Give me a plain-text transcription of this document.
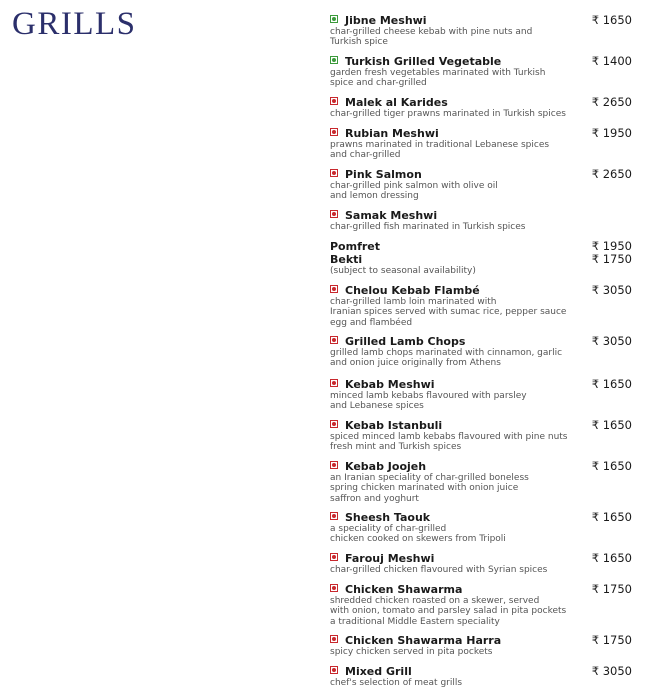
GRILLS	Jibne Meshwi	₹ 1650
char-grilled cheese kebab with pine nuts and
Turkish spice
Turkish Grilled Vegetable	₹ 1400
garden fresh vegetables marinated with Turkish
spice and char-grilled
Malek al Karides	₹ 2650
char-grilled tiger prawns marinated in Turkish spices
Rubian Meshwi	₹ 1950
prawns marinated in traditional Lebanese spices
and char-grilled
Pink Salmon	₹ 2650
char-grilled pink salmon with olive oil
and lemon dressing
Samak Meshwi
char-grilled fish marinated in Turkish spices
Pomfret	₹ 1950
Bekti	₹ 1750
(subject to seasonal availability)
Chelou Kebab Flambé	₹ 3050
char-grilled lamb loin marinated with
Iranian spices served with sumac rice, pepper sauce
egg and flambéed
Grilled Lamb Chops	₹ 3050
grilled lamb chops marinated with cinnamon, garlic
and onion juice originally from Athens
Kebab Meshwi	₹ 1650
minced lamb kebabs flavoured with parsley
and Lebanese spices
Kebab Istanbuli	₹ 1650
spiced minced lamb kebabs flavoured with pine nuts
fresh mint and Turkish spices
Kebab Joojeh	₹ 1650
an Iranian speciality of char-grilled boneless
spring chicken marinated with onion juice
saffron and yoghurt
Sheesh Taouk	₹ 1650
a speciality of char-grilled
chicken cooked on skewers from Tripoli
Farouj Meshwi	₹ 1650
char-grilled chicken flavoured with Syrian spices
Chicken Shawarma	₹ 1750
shredded chicken roasted on a skewer, served
with onion, tomato and parsley salad in pita pockets
a traditional Middle Eastern speciality
Chicken Shawarma Harra	₹ 1750
spicy chicken served in pita pockets
Mixed Grill	₹ 3050
chef's selection of meat grills
